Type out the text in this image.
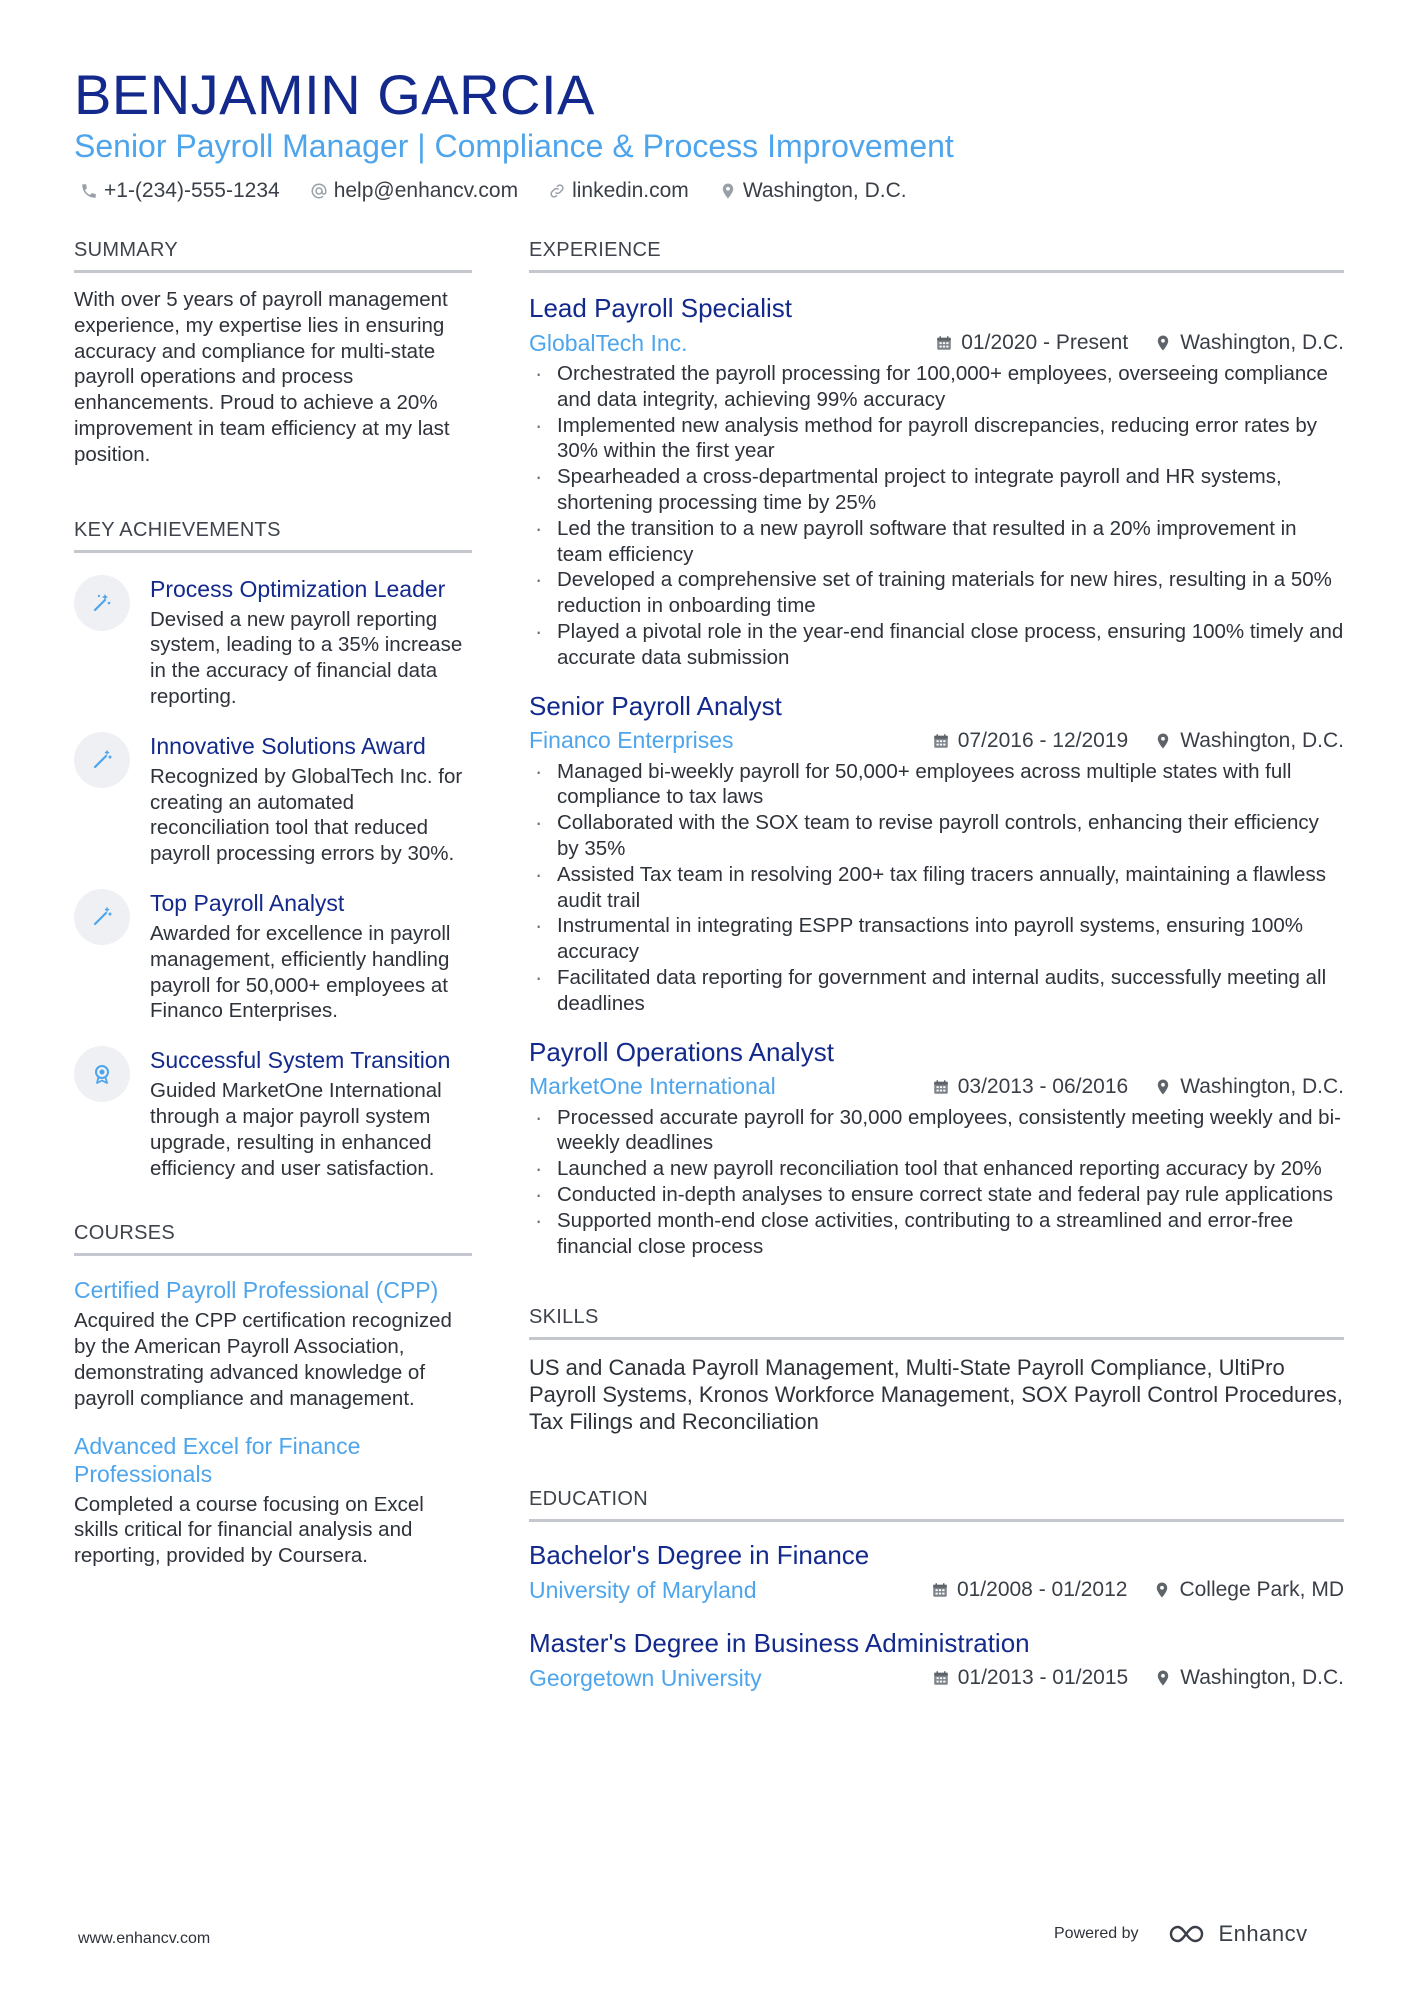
BENJAMIN GARCIA
Senior Payroll Manager | Compliance & Process Improvement
+1-(234)-555-1234	help@enhancv.com	linkedin.com	Washington, D.C.
SUMMARY
With over 5 years of payroll management experience, my expertise lies in ensuring accuracy and compliance for multi-state payroll operations and process enhancements. Proud to achieve a 20% improvement in team efficiency at my last position.
KEY ACHIEVEMENTS
Process Optimization Leader
Devised a new payroll reporting system, leading to a 35% increase in the accuracy of financial data reporting.
Innovative Solutions Award
Recognized by GlobalTech Inc. for creating an automated reconciliation tool that reduced payroll processing errors by 30%.
Top Payroll Analyst
Awarded for excellence in payroll management, efficiently handling payroll for 50,000+ employees at Financo Enterprises.
Successful System Transition
Guided MarketOne International through a major payroll system upgrade, resulting in enhanced efficiency and user satisfaction.
COURSES
Certified Payroll Professional (CPP)
Acquired the CPP certification recognized by the American Payroll Association, demonstrating advanced knowledge of payroll compliance and management.
Advanced Excel for Finance Professionals
Completed a course focusing on Excel skills critical for financial analysis and reporting, provided by Coursera.
EXPERIENCE
Lead Payroll Specialist
GlobalTech Inc.	01/2020 - Present Washington, D.C.
· Orchestrated the payroll processing for 100,000+ employees, overseeing compliance and data integrity, achieving 99% accuracy
· Implemented new analysis method for payroll discrepancies, reducing error rates by 30% within the first year
· Spearheaded a cross-departmental project to integrate payroll and HR systems, shortening processing time by 25%
· Led the transition to a new payroll software that resulted in a 20% improvement in team efficiency
· Developed a comprehensive set of training materials for new hires, resulting in a 50% reduction in onboarding time
· Played a pivotal role in the year-end financial close process, ensuring 100% timely and accurate data submission
Senior Payroll Analyst
Financo Enterprises	07/2016 - 12/2019 Washington, D.C.
· Managed bi-weekly payroll for 50,000+ employees across multiple states with full compliance to tax laws
· Collaborated with the SOX team to revise payroll controls, enhancing their efficiency by 35%
· Assisted Tax team in resolving 200+ tax filing tracers annually, maintaining a flawless audit trail
· Instrumental in integrating ESPP transactions into payroll systems, ensuring 100% accuracy
· Facilitated data reporting for government and internal audits, successfully meeting all deadlines
Payroll Operations Analyst
MarketOne International	03/2013 - 06/2016 Washington, D.C.
· Processed accurate payroll for 30,000 employees, consistently meeting weekly and bi-weekly deadlines
· Launched a new payroll reconciliation tool that enhanced reporting accuracy by 20%
· Conducted in-depth analyses to ensure correct state and federal pay rule applications
· Supported month-end close activities, contributing to a streamlined and error-free financial close process
SKILLS
US and Canada Payroll Management, Multi-State Payroll Compliance, UltiPro Payroll Systems, Kronos Workforce Management, SOX Payroll Control Procedures, Tax Filings and Reconciliation
EDUCATION
Bachelor's Degree in Finance
University of Maryland	01/2008 - 01/2012 College Park, MD
Master's Degree in Business Administration
Georgetown University	01/2013 - 01/2015 Washington, D.C.
www.enhancv.com	Powered by	Enhancv
